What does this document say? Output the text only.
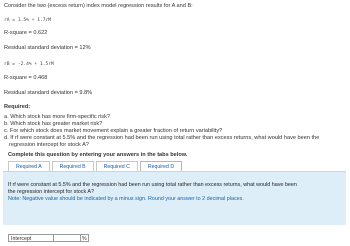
Consider the two (excess return) index model regression results for A and B:
rA = 1.5% + 1.7rM
R-square = 0.622
Residual standard deviation = 12%
rB = -2.4% + 1.5rM
R-square = 0.468
Residual standard deviation = 9.8%
Required:
a. Which stock has more firm-specific risk?
b. Which stock has greater market risk?
c. For which stock does market movement explain a greater fraction of return variability?
d. If rf were constant at 5.5% and the regression had been run using total rather than excess returns, what would have been the
regression intercept for stock A?
Complete this question by entering your answers in the tabs below.
Required A	Required B	Required C	Required D
If rf were constant at 5.5% and the regression had been run using total rather than excess returns, what would have been
the regression intercept for stock A?
Note: Negative value should be indicated by a minus sign. Round your answer to 2 decimal places.
Intercept	%
